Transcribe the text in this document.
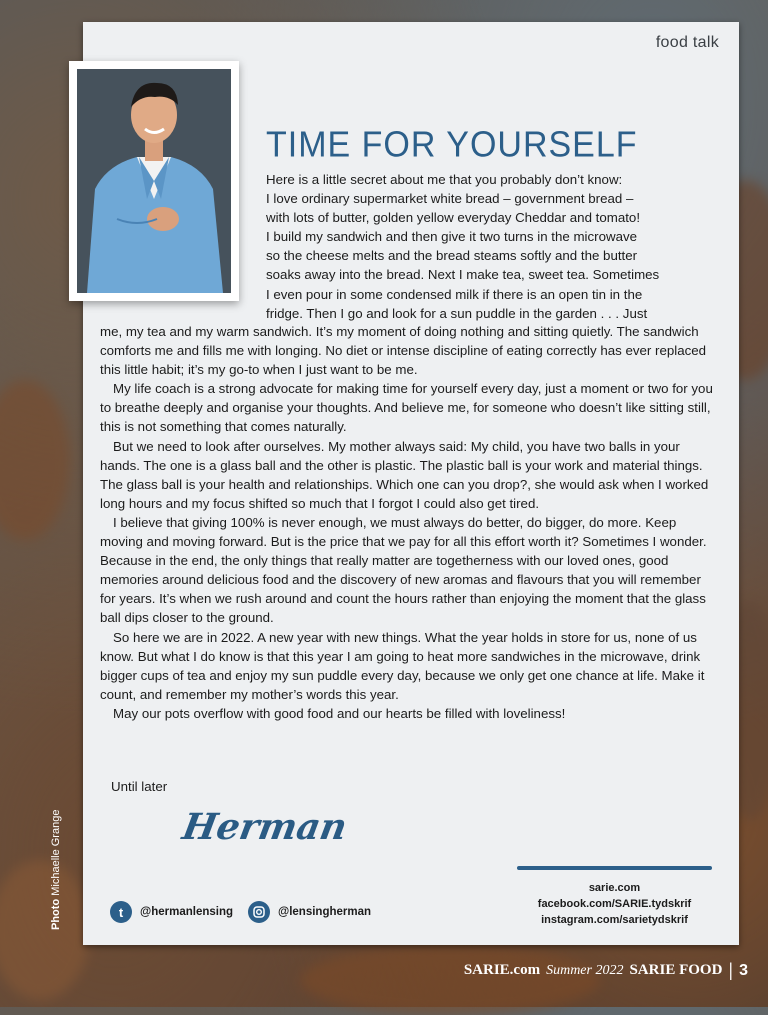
food talk
TIME FOR YOURSELF
Here is a little secret about me that you probably don’t know:
I love ordinary supermarket white bread – government bread –
with lots of butter, golden yellow everyday Cheddar and tomato!
I build my sandwich and then give it two turns in the microwave
so the cheese melts and the bread steams softly and the butter
soaks away into the bread. Next I make tea, sweet tea. Sometimes
I even pour in some condensed milk if there is an open tin in the
fridge. Then I go and look for a sun puddle in the garden . . . Just

me, my tea and my warm sandwich. It’s my moment of doing nothing and sitting quietly. The sandwich comforts me and fills me with longing. No diet or intense discipline of eating correctly has ever replaced this little habit; it’s my go-to when I just want to be me.

My life coach is a strong advocate for making time for yourself every day, just a moment or two for you to breathe deeply and organise your thoughts. And believe me, for someone who doesn’t like sitting still, this is not something that comes naturally.

But we need to look after ourselves. My mother always said: My child, you have two balls in your hands. The one is a glass ball and the other is plastic. The plastic ball is your work and material things. The glass ball is your health and relationships. Which one can you drop?, she would ask when I worked long hours and my focus shifted so much that I forgot I could also get tired.

I believe that giving 100% is never enough, we must always do better, do bigger, do more. Keep moving and moving forward. But is the price that we pay for all this effort worth it? Sometimes I wonder. Because in the end, the only things that really matter are togetherness with our loved ones, good memories around delicious food and the discovery of new aromas and flavours that you will remember for years. It’s when we rush around and count the hours rather than enjoying the moment that the glass ball dips closer to the ground.

So here we are in 2022. A new year with new things. What the year holds in store for us, none of us know. But what I do know is that this year I am going to heat more sandwiches in the microwave, drink bigger cups of tea and enjoy my sun puddle every day, because we only get one chance at life. Make it count, and remember my mother’s words this year.

May our pots overflow with good food and our hearts be filled with loveliness!

Until later
Herman
Photo Michaelle Grange
t	@hermanlensing	@lensingherman
sarie.com
facebook.com/SARIE.tydskrif
instagram.com/sarietydskrif
SARIE.com Summer 2022 SARIE FOOD | 3
